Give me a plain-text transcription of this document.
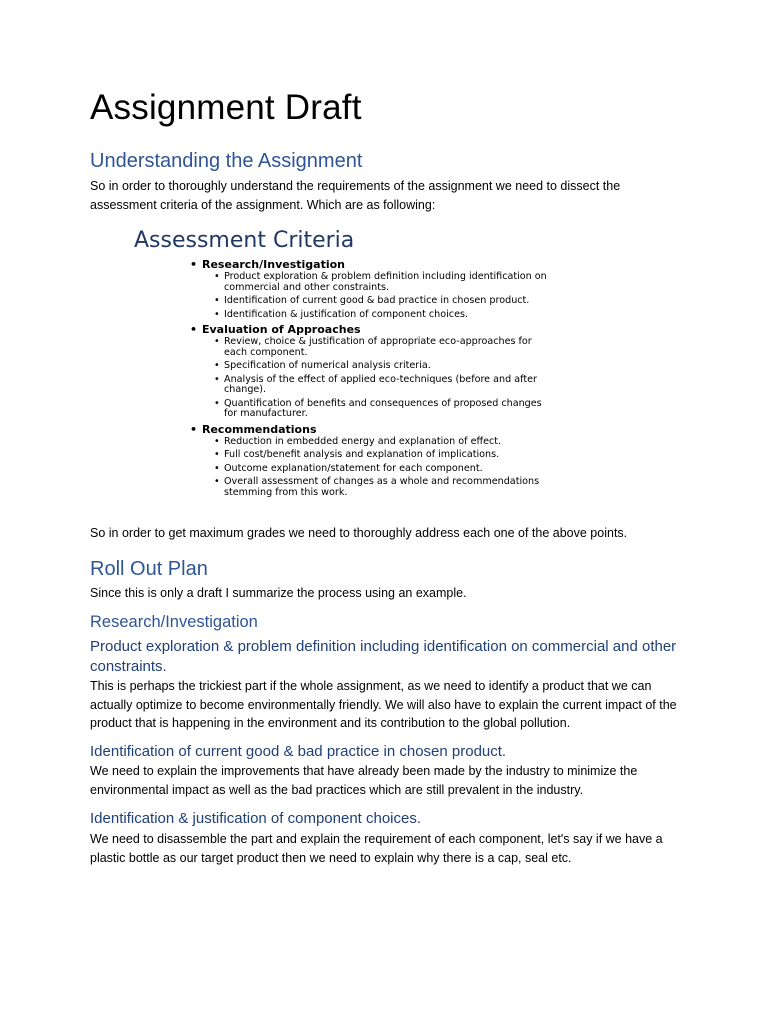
Assignment Draft
Understanding the Assignment

So in order to thoroughly understand the requirements of the assignment we need to dissect the assessment criteria of the assignment. Which are as following:

Assessment Criteria
• Research/Investigation
• Product exploration & problem definition including identification on commercial and other constraints.
• Identification of current good & bad practice in chosen product.
• Identification & justification of component choices.
• Evaluation of Approaches
• Review, choice & justification of appropriate eco-approaches for each component.
• Specification of numerical analysis criteria.
• Analysis of the effect of applied eco-techniques (before and after change).
• Quantification of benefits and consequences of proposed changes for manufacturer.
• Recommendations
• Reduction in embedded energy and explanation of effect.
• Full cost/benefit analysis and explanation of implications.
• Outcome explanation/statement for each component.
• Overall assessment of changes as a whole and recommendations stemming from this work.

So in order to get maximum grades we need to thoroughly address each one of the above points.

Roll Out Plan

Since this is only a draft I summarize the process using an example.

Research/Investigation
Product exploration & problem definition including identification on commercial and other constraints.

This is perhaps the trickiest part if the whole assignment, as we need to identify a product that we can actually optimize to become environmentally friendly. We will also have to explain the current impact of the product that is happening in the environment and its contribution to the global pollution.

Identification of current good & bad practice in chosen product.

We need to explain the improvements that have already been made by the industry to minimize the environmental impact as well as the bad practices which are still prevalent in the industry.

Identification & justification of component choices.

We need to disassemble the part and explain the requirement of each component, let's say if we have a plastic bottle as our target product then we need to explain why there is a cap, seal etc.
